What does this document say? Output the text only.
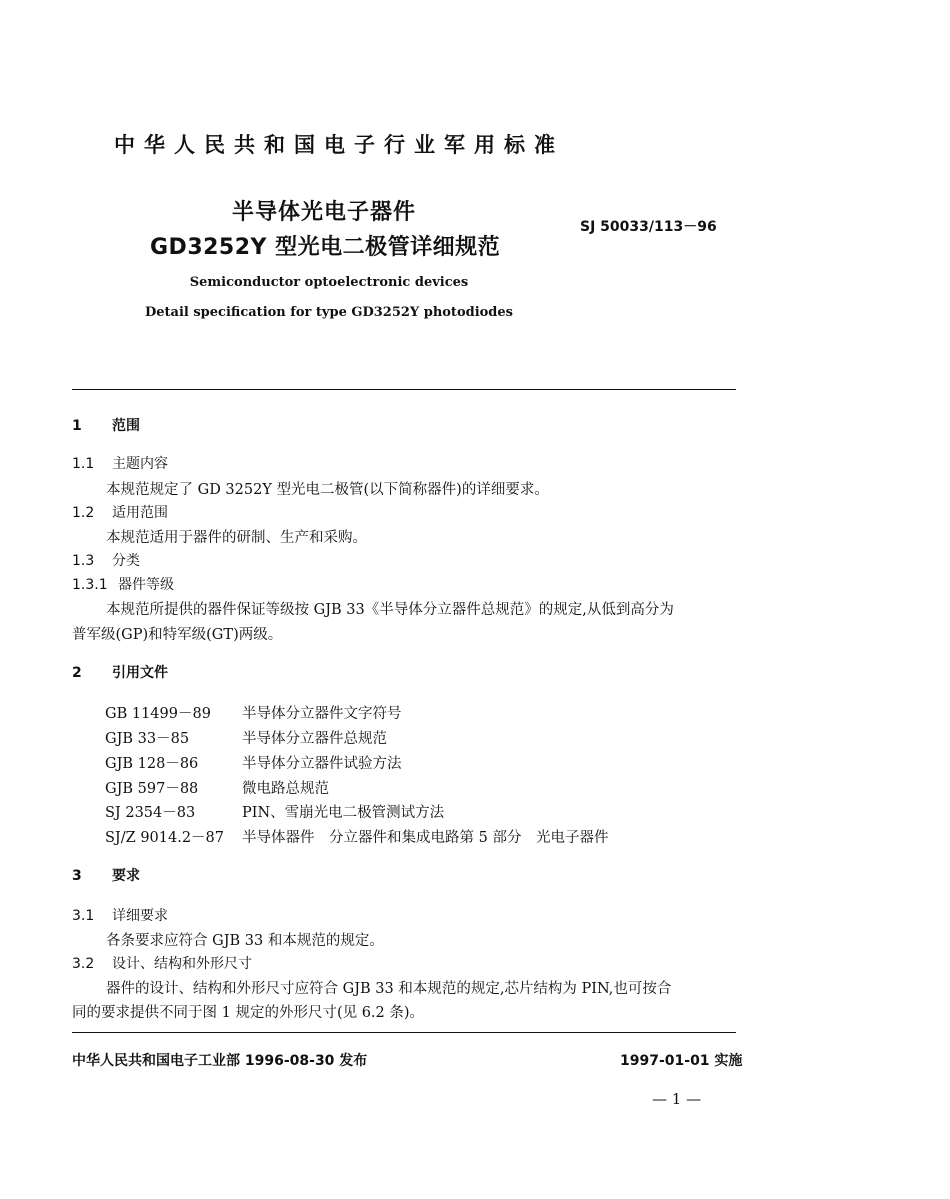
中华人民共和国电子行业军用标准
半导体光电子器件
GD3252Y 型光电二极管详细规范
SJ 50033/113－96
Semiconductor optoelectronic devices
Detail specification for type GD3252Y photodiodes
1 范围
1.1 主题内容
本规范规定了 GD 3252Y 型光电二极管(以下简称器件)的详细要求。
1.2 适用范围
本规范适用于器件的研制、生产和采购。
1.3 分类
1.3.1 器件等级
本规范所提供的器件保证等级按 GJB 33《半导体分立器件总规范》的规定,从低到高分为
普军级(GP)和特军级(GT)两级。
2 引用文件
GB 11499－89 半导体分立器件文字符号
GJB 33－85	半导体分立器件总规范
GJB 128－86	半导体分立器件试验方法
GJB 597－88	微电路总规范
SJ 2354－83	PIN、雪崩光电二极管测试方法
SJ/Z 9014.2－87 半导体器件　分立器件和集成电路第 5 部分　光电子器件
3 要求
3.1 详细要求
各条要求应符合 GJB 33 和本规范的规定。
3.2 设计、结构和外形尺寸
器件的设计、结构和外形尺寸应符合 GJB 33 和本规范的规定,芯片结构为 PIN,也可按合
同的要求提供不同于图 1 规定的外形尺寸(见 6.2 条)。
中华人民共和国电子工业部 1996-08-30 发布	1997-01-01 实施
— 1 —
